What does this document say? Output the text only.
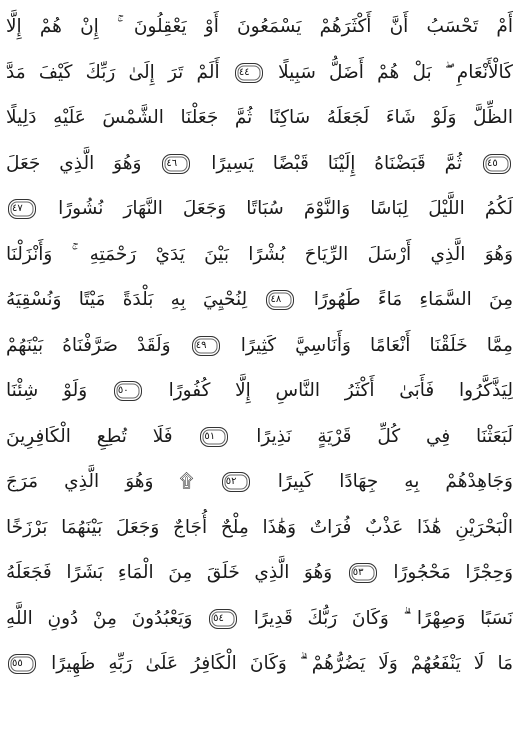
أَمْ تَحْسَبُ أَنَّ أَكْثَرَهُمْ يَسْمَعُونَ أَوْ يَعْقِلُونَ ۚ إِنْ هُمْ إِلَّا
كَالْأَنْعَامِ ۖ بَلْ هُمْ أَضَلُّ سَبِيلًا ٤٤ أَلَمْ تَرَ إِلَىٰ رَبِّكَ كَيْفَ مَدَّ
الظِّلَّ وَلَوْ شَاءَ لَجَعَلَهُ سَاكِنًا ثُمَّ جَعَلْنَا الشَّمْسَ عَلَيْهِ دَلِيلًا
٤٥ ثُمَّ قَبَضْنَاهُ إِلَيْنَا قَبْضًا يَسِيرًا ٤٦ وَهُوَ الَّذِي جَعَلَ
لَكُمُ اللَّيْلَ لِبَاسًا وَالنَّوْمَ سُبَاتًا وَجَعَلَ النَّهَارَ نُشُورًا ٤٧
وَهُوَ الَّذِي أَرْسَلَ الرِّيَاحَ بُشْرًا بَيْنَ يَدَيْ رَحْمَتِهِ ۚ وَأَنْزَلْنَا
مِنَ السَّمَاءِ مَاءً طَهُورًا ٤٨ لِنُحْيِيَ بِهِ بَلْدَةً مَيْتًا وَنُسْقِيَهُ
مِمَّا خَلَقْنَا أَنْعَامًا وَأَنَاسِيَّ كَثِيرًا ٤٩ وَلَقَدْ صَرَّفْنَاهُ بَيْنَهُمْ
لِيَذَّكَّرُوا فَأَبَىٰ أَكْثَرُ النَّاسِ إِلَّا كُفُورًا ٥٠ وَلَوْ شِئْنَا
لَبَعَثْنَا فِي كُلِّ قَرْيَةٍ نَذِيرًا ٥١ فَلَا تُطِعِ الْكَافِرِينَ
وَجَاهِدْهُمْ بِهِ جِهَادًا كَبِيرًا ٥٢ ۩ وَهُوَ الَّذِي مَرَجَ
الْبَحْرَيْنِ هَٰذَا عَذْبٌ فُرَاتٌ وَهَٰذَا مِلْحٌ أُجَاجٌ وَجَعَلَ بَيْنَهُمَا بَرْزَخًا
وَحِجْرًا مَحْجُورًا ٥٣ وَهُوَ الَّذِي خَلَقَ مِنَ الْمَاءِ بَشَرًا فَجَعَلَهُ
نَسَبًا وَصِهْرًا ۗ وَكَانَ رَبُّكَ قَدِيرًا ٥٤ وَيَعْبُدُونَ مِنْ دُونِ اللَّهِ
مَا لَا يَنْفَعُهُمْ وَلَا يَضُرُّهُمْ ۗ وَكَانَ الْكَافِرُ عَلَىٰ رَبِّهِ ظَهِيرًا ٥٥
